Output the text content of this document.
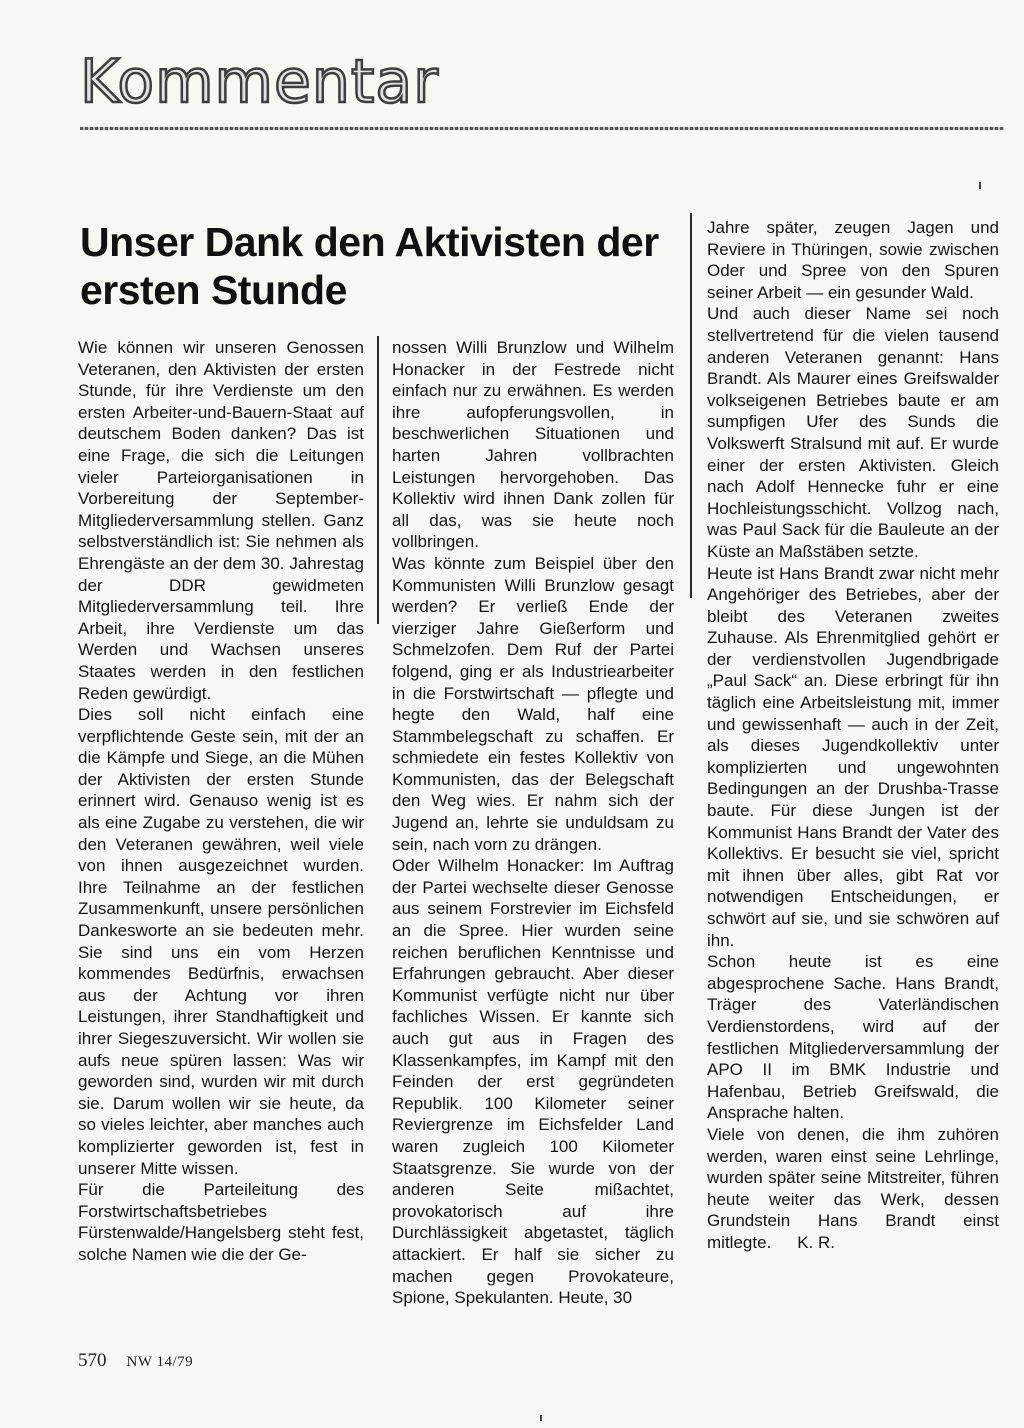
Kommentar
Unser Dank den Aktivisten der ersten Stunde

Wie können wir unseren Genossen Veteranen, den Aktivisten der ersten Stunde, für ihre Verdienste um den ersten Arbeiter-und-Bauern-Staat auf deutschem Boden danken? Das ist eine Frage, die sich die Leitungen vieler Parteiorganisationen in Vorbereitung der September-Mitgliederversammlung stellen. Ganz selbstverständlich ist: Sie nehmen als Ehrengäste an der dem 30. Jahrestag der DDR gewidmeten Mitgliederversammlung teil. Ihre Arbeit, ihre Verdienste um das Werden und Wachsen unseres Staates werden in den festlichen Reden gewürdigt.

Dies soll nicht einfach eine verpflichtende Geste sein, mit der an die Kämpfe und Siege, an die Mühen der Aktivisten der ersten Stunde erinnert wird. Genauso wenig ist es als eine Zugabe zu verstehen, die wir den Veteranen gewähren, weil viele von ihnen ausgezeichnet wurden. Ihre Teilnahme an der festlichen Zusammenkunft, unsere persönlichen Dankesworte an sie bedeuten mehr. Sie sind uns ein vom Herzen kommendes Bedürfnis, erwachsen aus der Achtung vor ihren Leistungen, ihrer Standhaftigkeit und ihrer Siegeszuversicht. Wir wollen sie aufs neue spüren lassen: Was wir geworden sind, wurden wir mit durch sie. Darum wollen wir sie heute, da so vieles leichter, aber manches auch komplizierter geworden ist, fest in unserer Mitte wissen.

Für die Parteileitung des Forstwirtschaftsbetriebes Fürstenwalde/Hangelsberg steht fest, solche Namen wie die der Ge-

nossen Willi Brunzlow und Wilhelm Honacker in der Festrede nicht einfach nur zu erwähnen. Es werden ihre aufopferungsvollen, in beschwerlichen Situationen und harten Jahren vollbrachten Leistungen hervorgehoben. Das Kollektiv wird ihnen Dank zollen für all das, was sie heute noch vollbringen.

Was könnte zum Beispiel über den Kommunisten Willi Brunzlow gesagt werden? Er verließ Ende der vierziger Jahre Gießerform und Schmelzofen. Dem Ruf der Partei folgend, ging er als Industriearbeiter in die Forstwirtschaft — pflegte und hegte den Wald, half eine Stammbelegschaft zu schaffen. Er schmiedete ein festes Kollektiv von Kommunisten, das der Belegschaft den Weg wies. Er nahm sich der Jugend an, lehrte sie unduldsam zu sein, nach vorn zu drängen.

Oder Wilhelm Honacker: Im Auftrag der Partei wechselte dieser Genosse aus seinem Forstrevier im Eichsfeld an die Spree. Hier wurden seine reichen beruflichen Kenntnisse und Erfahrungen gebraucht. Aber dieser Kommunist verfügte nicht nur über fachliches Wissen. Er kannte sich auch gut aus in Fragen des Klassenkampfes, im Kampf mit den Feinden der erst gegründeten Republik. 100 Kilometer seiner Reviergrenze im Eichsfelder Land waren zugleich 100 Kilometer Staatsgrenze. Sie wurde von der anderen Seite mißachtet, provokatorisch auf ihre Durchlässigkeit abgetastet, täglich attackiert. Er half sie sicher zu machen gegen Provokateure, Spione, Spekulanten. Heute, 30

Jahre später, zeugen Jagen und Reviere in Thüringen, sowie zwischen Oder und Spree von den Spuren seiner Arbeit — ein gesunder Wald.

Und auch dieser Name sei noch stellvertretend für die vielen tausend anderen Veteranen genannt: Hans Brandt. Als Maurer eines Greifswalder volkseigenen Betriebes baute er am sumpfigen Ufer des Sunds die Volkswerft Stralsund mit auf. Er wurde einer der ersten Aktivisten. Gleich nach Adolf Hennecke fuhr er eine Hochleistungsschicht. Vollzog nach, was Paul Sack für die Bauleute an der Küste an Maßstäben setzte.

Heute ist Hans Brandt zwar nicht mehr Angehöriger des Betriebes, aber der bleibt des Veteranen zweites Zuhause. Als Ehrenmitglied gehört er der verdienstvollen Jugendbrigade „Paul Sack“ an. Diese erbringt für ihn täglich eine Arbeitsleistung mit, immer und gewissenhaft — auch in der Zeit, als dieses Jugendkollektiv unter komplizierten und ungewohnten Bedingungen an der Drushba-Trasse baute. Für diese Jungen ist der Kommunist Hans Brandt der Vater des Kollektivs. Er besucht sie viel, spricht mit ihnen über alles, gibt Rat vor notwendigen Entscheidungen, er schwört auf sie, und sie schwören auf ihn.

Schon heute ist es eine abgesprochene Sache. Hans Brandt, Träger des Vaterländischen Verdienstordens, wird auf der festlichen Mitgliederversammlung der APO II im BMK Industrie und Hafenbau, Betrieb Greifswald, die Ansprache halten.

Viele von denen, die ihm zuhören werden, waren einst seine Lehrlinge, wurden später seine Mitstreiter, führen heute weiter das Werk, dessen Grundstein Hans Brandt einst mitlegte. K. R.

570 NW 14/79
